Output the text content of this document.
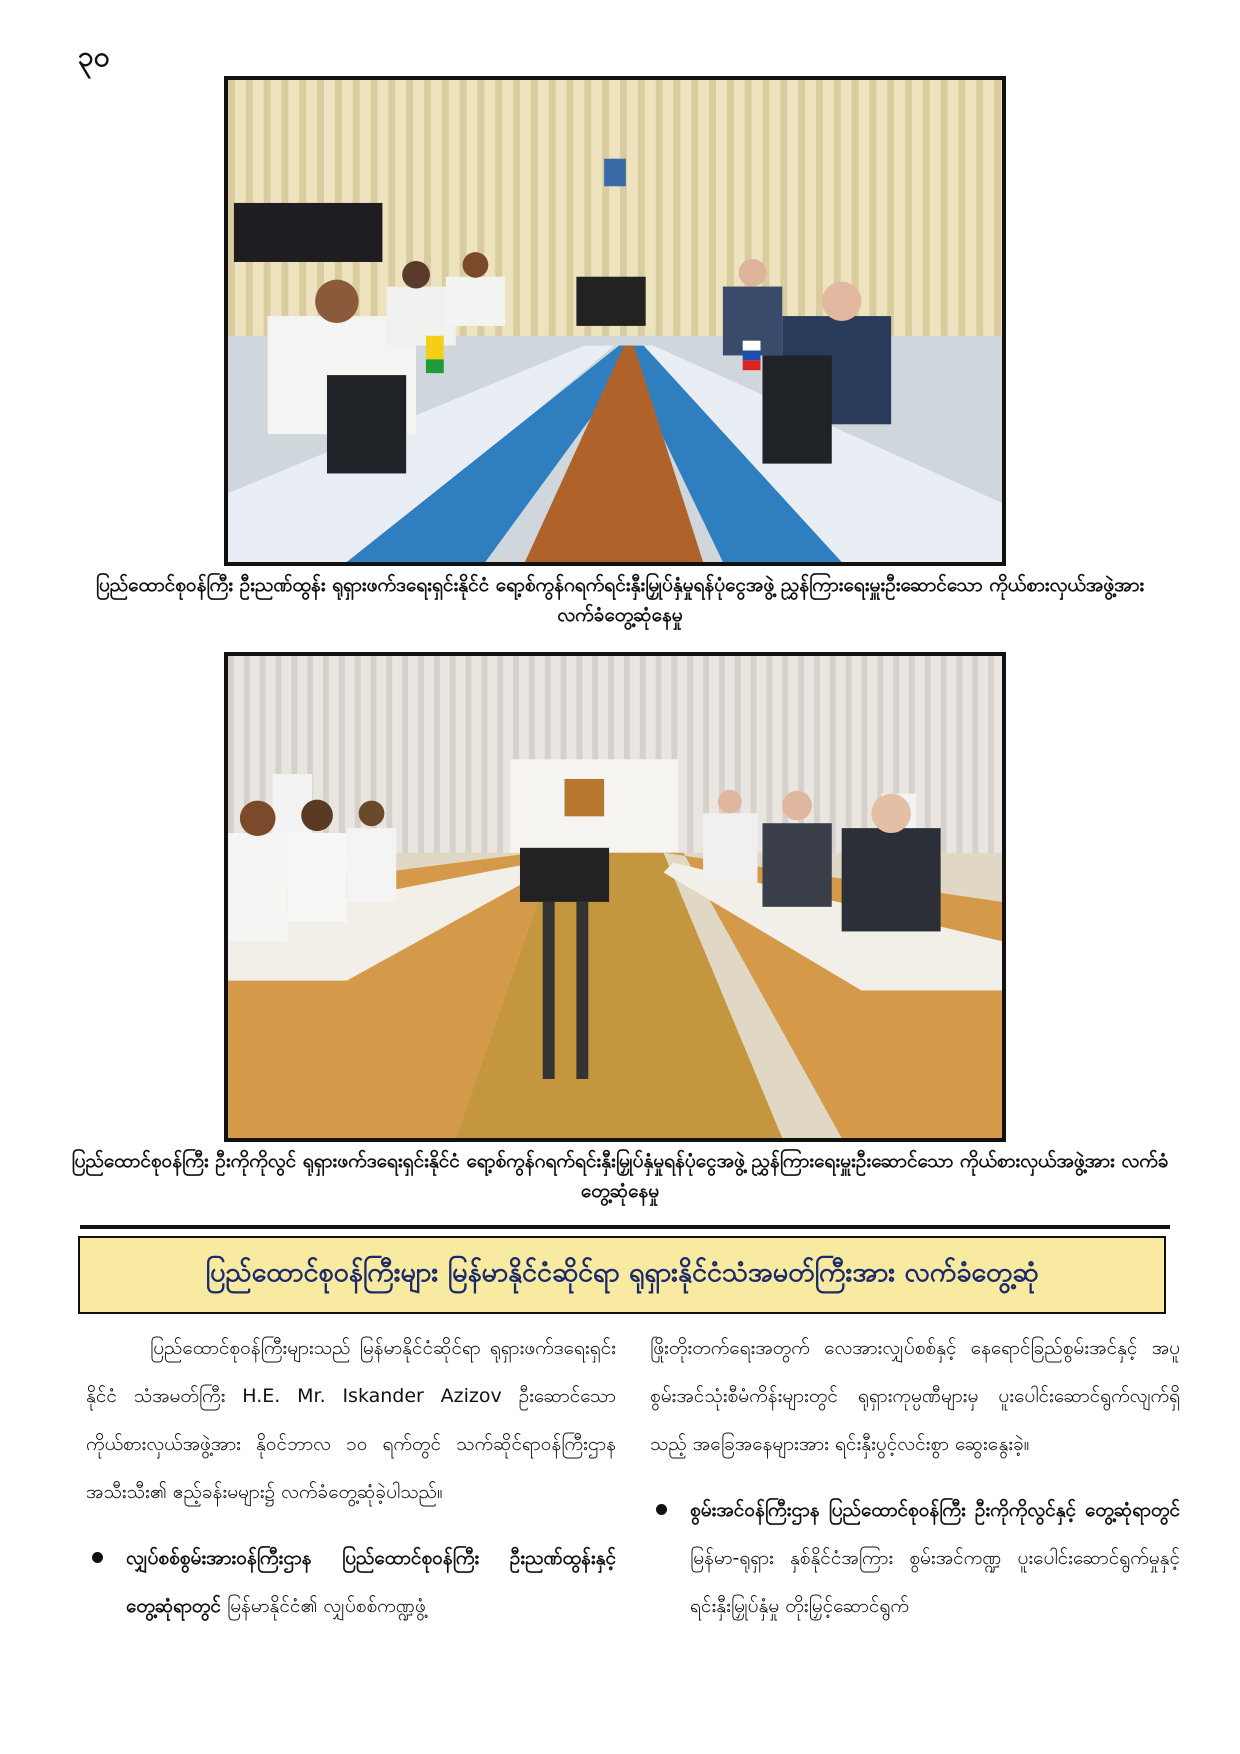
၃၀
ပြည်ထောင်စုဝန်ကြီး ဦးညဏ်ထွန်း ရုရှားဖက်ဒရေးရှင်းနိုင်ငံ ရော့စ်ကွန်ဂရက်ရင်းနှီးမြှုပ်နှံမှုရန်ပုံငွေအဖွဲ့ ညွှန်ကြားရေးမှူးဦးဆောင်သော ကိုယ်စားလှယ်အဖွဲ့အား လက်ခံတွေ့ဆုံနေမှု
ပြည်ထောင်စုဝန်ကြီး ဦးကိုကိုလွင် ရုရှားဖက်ဒရေးရှင်းနိုင်ငံ ရော့စ်ကွန်ဂရက်ရင်းနှီးမြှုပ်နှံမှုရန်ပုံငွေအဖွဲ့ ညွှန်ကြားရေးမှူးဦးဆောင်သော ကိုယ်စားလှယ်အဖွဲ့အား လက်ခံတွေ့ဆုံနေမှု
ပြည်ထောင်စုဝန်ကြီးများ မြန်မာနိုင်ငံဆိုင်ရာ ရုရှားနိုင်ငံသံအမတ်ကြီးအား လက်ခံတွေ့ဆုံ

ပြည်ထောင်စုဝန်ကြီးများသည် မြန်မာနိုင်ငံဆိုင်ရာ ရုရှားဖက်ဒရေးရှင်းနိုင်ငံ သံအမတ်ကြီး H.E. Mr. Iskander Azizov ဦးဆောင်သော ကိုယ်စားလှယ်အဖွဲ့အား နိုဝင်ဘာလ ၁၀ ရက်တွင် သက်ဆိုင်ရာဝန်ကြီးဌာနအသီးသီး၏ ဧည့်ခန်းမများ၌ လက်ခံတွေ့ဆုံခဲ့ပါသည်။

လျှပ်စစ်စွမ်းအားဝန်ကြီးဌာန ပြည်ထောင်စုဝန်ကြီး ဦးညဏ်ထွန်းနှင့် တွေ့ဆုံရာတွင် မြန်မာနိုင်ငံ၏ လျှပ်စစ်ကဏ္ဍဖွံ့

ဖြိုးတိုးတက်ရေးအတွက် လေအားလျှပ်စစ်နှင့် နေရောင်ခြည်စွမ်းအင်နှင့် အပူစွမ်းအင်သုံးစီမံကိန်းများတွင် ရုရှားကုမ္ပဏီများမှ ပူးပေါင်းဆောင်ရွက်လျက်ရှိသည့် အခြေအနေများအား ရင်းနှီးပွင့်လင်းစွာ ဆွေးနွေးခဲ့။

စွမ်းအင်ဝန်ကြီးဌာန ပြည်ထောင်စုဝန်ကြီး ဦးကိုကိုလွင်နှင့် တွေ့ဆုံရာတွင် မြန်မာ-ရုရှား နှစ်နိုင်ငံအကြား စွမ်းအင်ကဏ္ဍ ပူးပေါင်းဆောင်ရွက်မှုနှင့် ရင်းနှီးမြှုပ်နှံမှု တိုးမြှင့်ဆောင်ရွက်
